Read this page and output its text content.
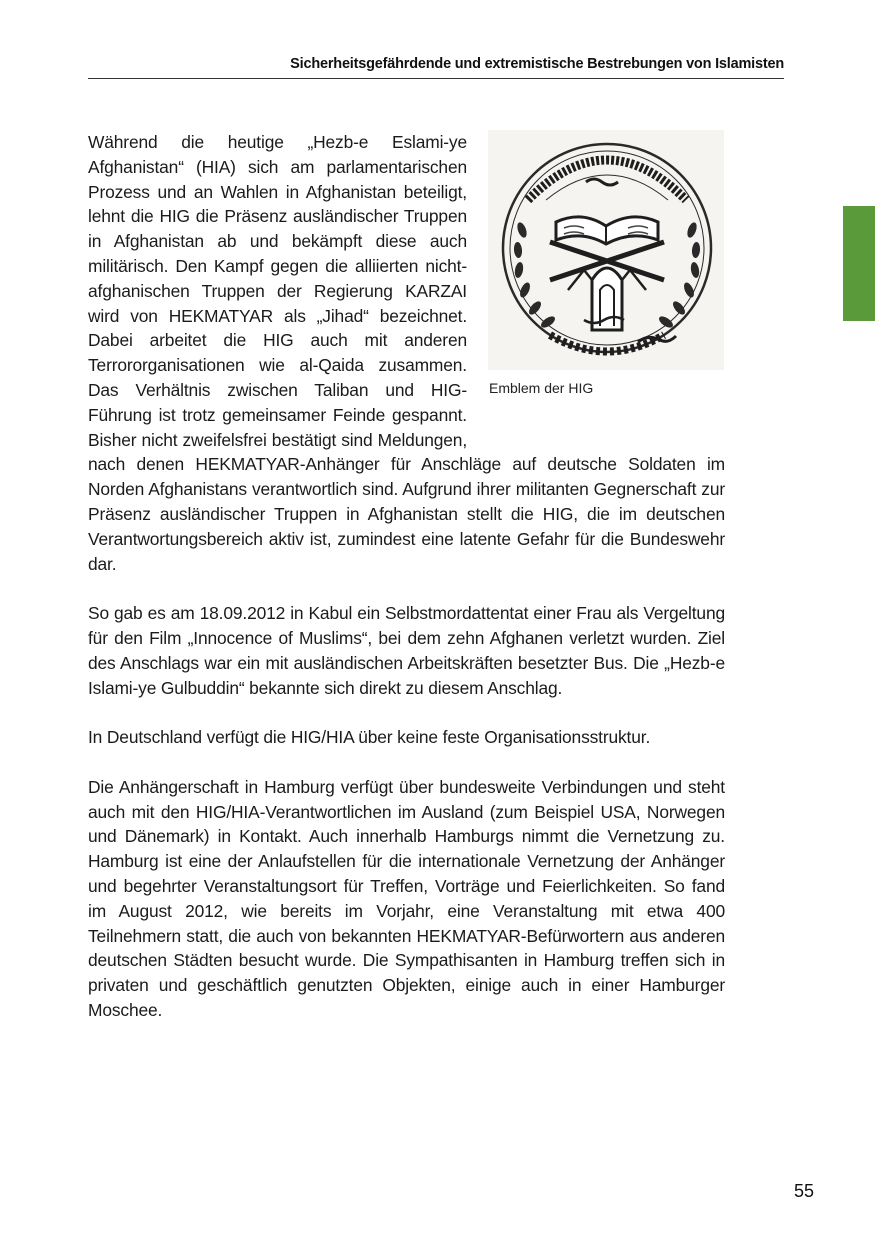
Sicherheitsgefährdende und extremistische Bestrebungen von Islamisten
Emblem der HIG

Während die heutige „Hezb-e Eslami-ye Afghanistan“ (HIA) sich am parlamentarischen Prozess und an Wahlen in Afghanistan beteiligt, lehnt die HIG die Präsenz ausländischer Truppen in Afghanistan ab und bekämpft diese auch militärisch. Den Kampf gegen die alliierten nicht-afghanischen Truppen der Regierung KARZAI wird von HEKMATYAR als „Jihad“ bezeichnet. Dabei arbeitet die HIG auch mit anderen Terrororganisationen wie al-Qaida zusammen. Das Verhältnis zwischen Taliban und HIG-Führung ist trotz gemeinsamer Feinde gespannt. Bisher nicht zweifelsfrei bestätigt sind Meldungen, nach denen HEKMATYAR-Anhänger für Anschläge auf deutsche Soldaten im Norden Afghanistans verantwortlich sind. Aufgrund ihrer militanten Gegnerschaft zur Präsenz ausländischer Truppen in Afghanistan stellt die HIG, die im deutschen Verantwortungsbereich aktiv ist, zumindest eine latente Gefahr für die Bundeswehr dar.

So gab es am 18.09.2012 in Kabul ein Selbstmordattentat einer Frau als Vergeltung für den Film „Innocence of Muslims“, bei dem zehn Afghanen verletzt wurden. Ziel des Anschlags war ein mit ausländischen Arbeitskräften besetzter Bus. Die „Hezb-e Islami-ye Gulbuddin“ bekannte sich direkt zu diesem Anschlag.

In Deutschland verfügt die HIG/HIA über keine feste Organisationsstruktur.

Die Anhängerschaft in Hamburg verfügt über bundesweite Verbindungen und steht auch mit den HIG/HIA-Verantwortlichen im Ausland (zum Beispiel USA, Norwegen und Dänemark) in Kontakt. Auch innerhalb Hamburgs nimmt die Vernetzung zu. Hamburg ist eine der Anlaufstellen für die internationale Vernetzung der Anhänger und begehrter Veranstaltungsort für Treffen, Vorträge und Feierlichkeiten. So fand im August 2012, wie bereits im Vorjahr, eine Veranstaltung mit etwa 400 Teilnehmern statt, die auch von bekannten HEKMATYAR-Befürwortern aus anderen deutschen Städten besucht wurde. Die Sympathisanten in Hamburg treffen sich in privaten und geschäftlich genutzten Objekten, einige auch in einer Hamburger Moschee.

55
